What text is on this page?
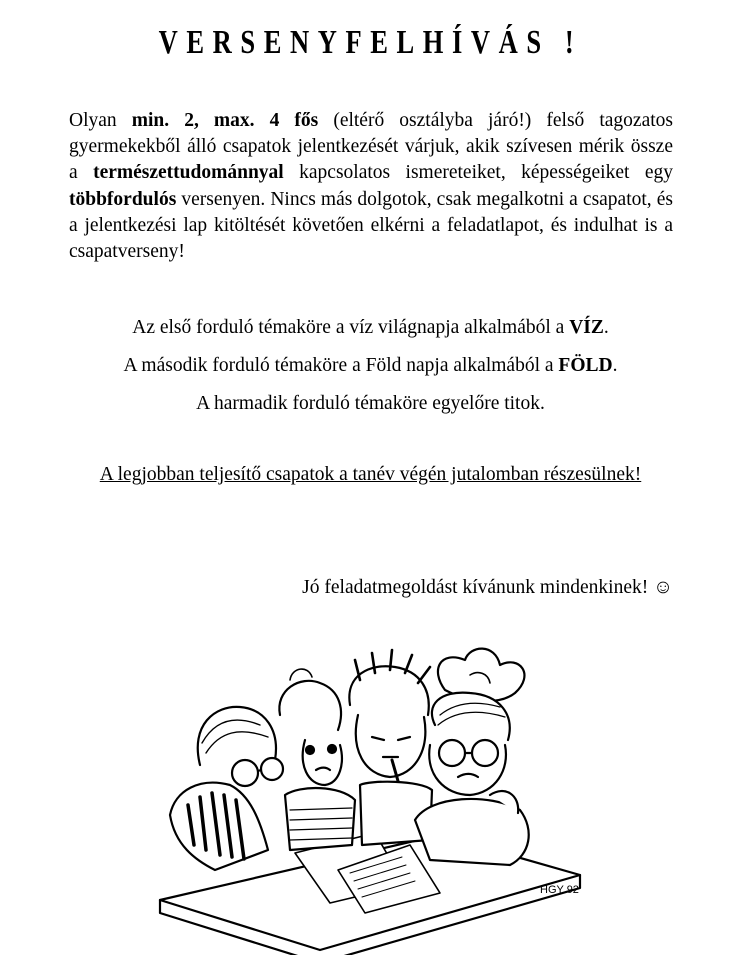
VERSENYFELHÍVÁS !
Olyan min. 2, max. 4 fős (eltérő osztályba járó!) felső tagozatos gyermekekből álló csapatok jelentkezését várjuk, akik szívesen mérik össze a természettudománnyal kapcsolatos ismereteiket, képességeiket egy többfordulós versenyen. Nincs más dolgotok, csak megalkotni a csapatot, és a jelentkezési lap kitöltését követően elkérni a feladatlapot, és indulhat is a csapatverseny!
Az első forduló témaköre a víz világnapja alkalmából a VÍZ.
A második forduló témaköre a Föld napja alkalmából a FÖLD.
A harmadik forduló témaköre egyelőre titok.
A legjobban teljesítő csapatok a tanév végén jutalomban részesülnek!
Jó feladatmegoldást kívánunk mindenkinek! ☺
HGY 92
